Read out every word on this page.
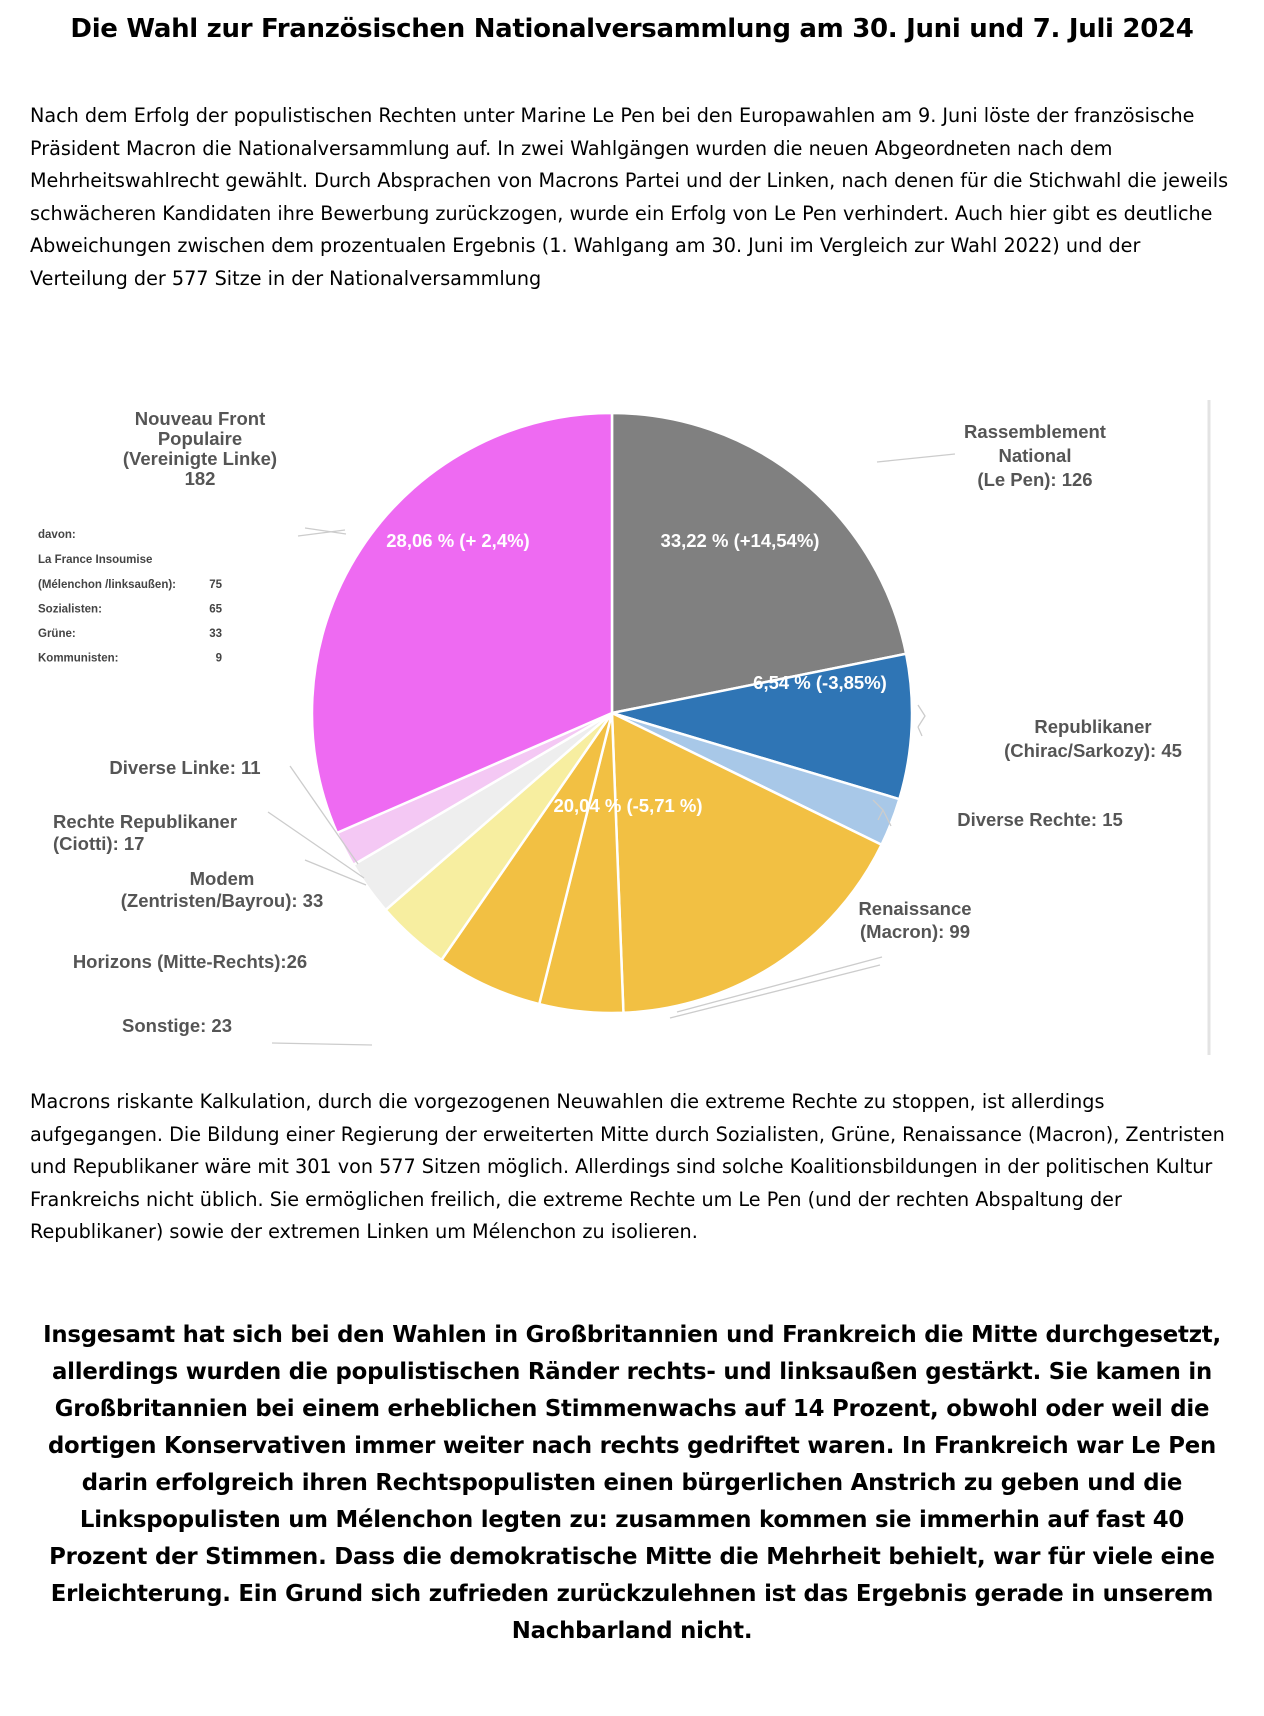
Die Wahl zur Französischen Nationalversammlung am 30. Juni und 7. Juli 2024
Nach dem Erfolg der populistischen Rechten unter Marine Le Pen bei den Europawahlen am 9. Juni löste der französische Präsident Macron die Nationalversammlung auf. In zwei Wahlgängen wurden die neuen Abgeordneten nach dem Mehrheitswahlrecht gewählt. Durch Absprachen von Macrons Partei und der Linken, nach denen für die Stichwahl die jeweils schwächeren Kandidaten ihre Bewerbung zurückzogen, wurde ein Erfolg von Le Pen verhindert. Auch hier gibt es deutliche Abweichungen zwischen dem prozentualen Ergebnis (1. Wahlgang am 30. Juni im Vergleich zur Wahl 2022) und der Verteilung der 577 Sitze in der Nationalversammlung
33,22 % (+14,54%)
6,54 % (-3,85%)
20,04 % (-5,71 %)
28,06 % (+ 2,4%)
Rassemblement
National
(Le Pen): 126
Republikaner
(Chirac/Sarkozy): 45
Diverse Rechte: 15
Renaissance
(Macron): 99
Horizons (Mitte-Rechts):26
Modem
(Zentristen/Bayrou): 33
Sonstige: 23
Rechte Republikaner
(Ciotti): 17
Diverse Linke: 11
Nouveau Front
Populaire
(Vereinigte Linke)
182
davon:
La France Insoumise
(Mélenchon /linksaußen):	75
Sozialisten:	65
Grüne:	33
Kommunisten:	9
Macrons riskante Kalkulation, durch die vorgezogenen Neuwahlen die extreme Rechte zu stoppen, ist allerdings aufgegangen. Die Bildung einer Regierung der erweiterten Mitte durch Sozialisten, Grüne, Renaissance (Macron), Zentristen und Republikaner wäre mit 301 von 577 Sitzen möglich. Allerdings sind solche Koalitionsbildungen in der politischen Kultur Frankreichs nicht üblich. Sie ermöglichen freilich, die extreme Rechte um Le Pen (und der rechten Abspaltung der Republikaner) sowie der extremen Linken um Mélenchon zu isolieren.
Insgesamt hat sich bei den Wahlen in Großbritannien und Frankreich die Mitte durchgesetzt, allerdings wurden die populistischen Ränder rechts- und linksaußen gestärkt. Sie kamen in Großbritannien bei einem erheblichen Stimmenwachs auf 14 Prozent, obwohl oder weil die dortigen Konservativen immer weiter nach rechts gedriftet waren. In Frankreich war Le Pen darin erfolgreich ihren Rechtspopulisten einen bürgerlichen Anstrich zu geben und die Linkspopulisten um Mélenchon legten zu: zusammen kommen sie immerhin auf fast 40 Prozent der Stimmen. Dass die demokratische Mitte die Mehrheit behielt, war für viele eine Erleichterung. Ein Grund sich zufrieden zurückzulehnen ist das Ergebnis gerade in unserem Nachbarland nicht.
